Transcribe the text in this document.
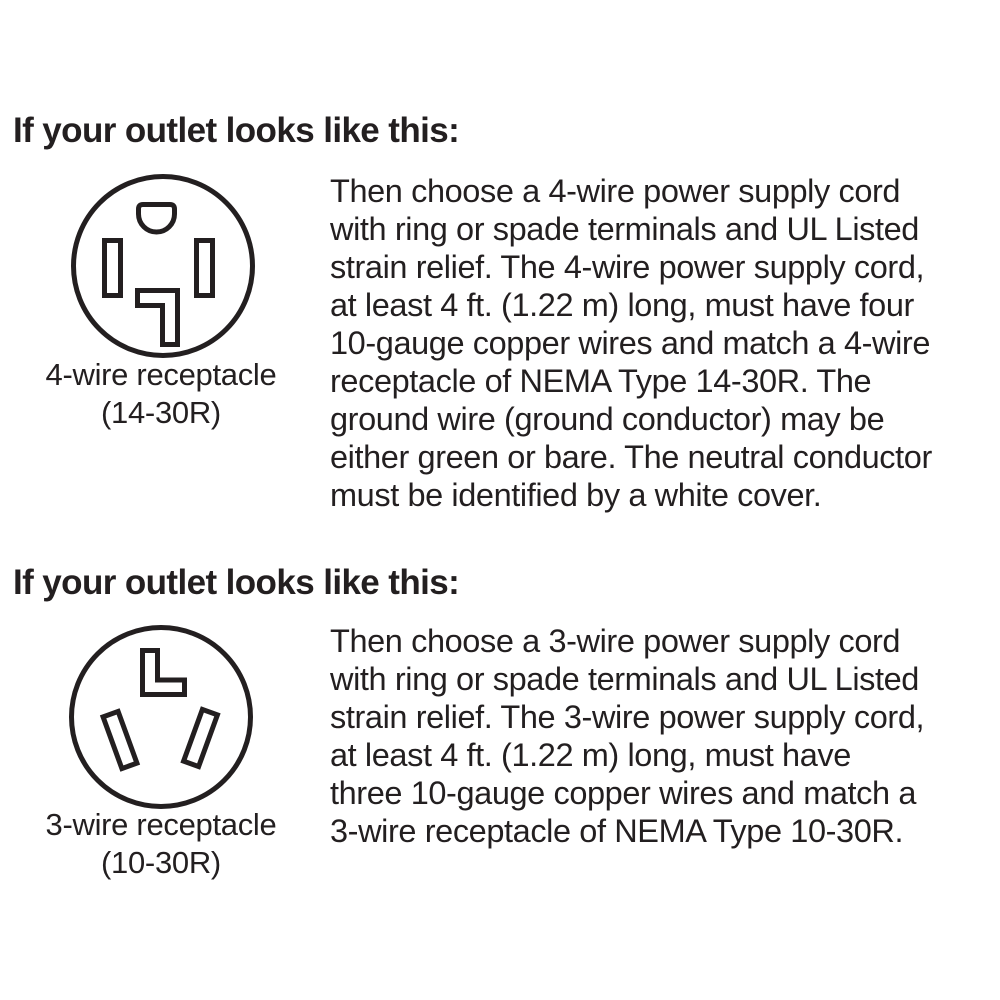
If your outlet looks like this:
4-wire receptacle
(14-30R)
Then choose a 4-wire power supply cord
with ring or spade terminals and UL Listed
strain relief. The 4-wire power supply cord,
at least 4 ft. (1.22 m) long, must have four
10-gauge copper wires and match a 4-wire
receptacle of NEMA Type 14-30R. The
ground wire (ground conductor) may be
either green or bare. The neutral conductor
must be identified by a white cover.
If your outlet looks like this:
3-wire receptacle
(10-30R)
Then choose a 3-wire power supply cord
with ring or spade terminals and UL Listed
strain relief. The 3-wire power supply cord,
at least 4 ft. (1.22 m) long, must have
three 10-gauge copper wires and match a
3-wire receptacle of NEMA Type 10-30R.
